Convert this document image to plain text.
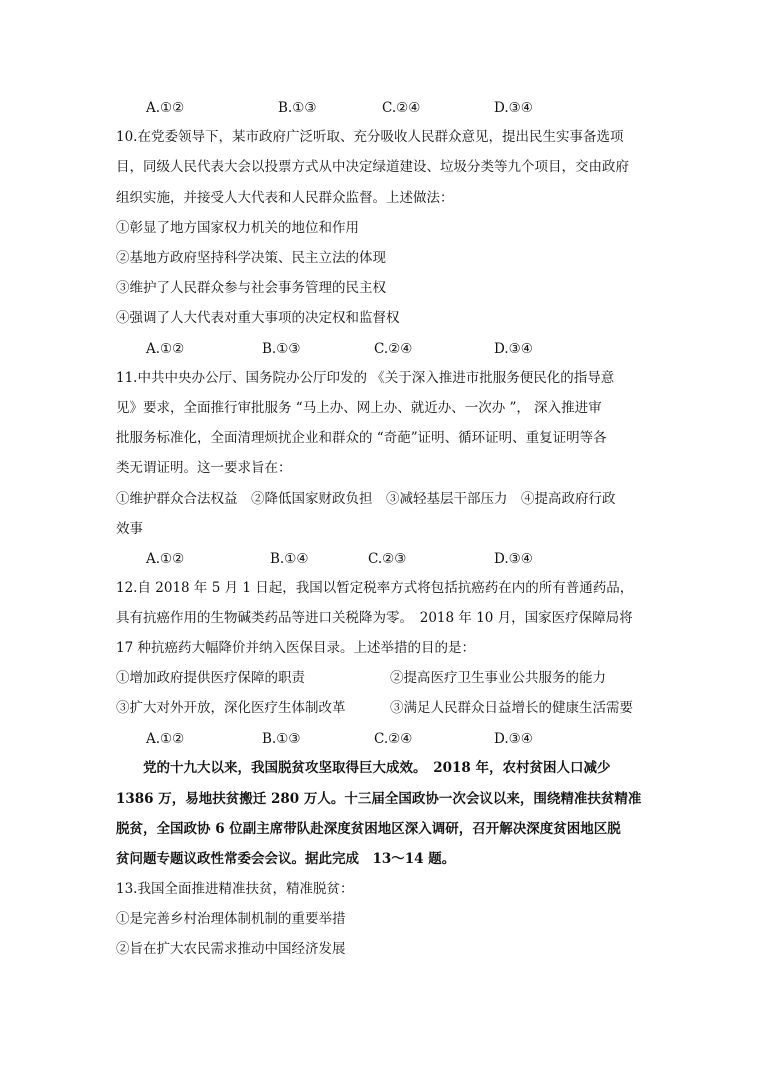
A.①②	B.①③	C.②④	D.③④
10.在党委领导下，某市政府广泛听取、充分吸收人民群众意见，提出民生实事备选项
目，同级人民代表大会以投票方式从中决定绿道建设、垃圾分类等九个项目，交由政府
组织实施，并接受人大代表和人民群众监督。上述做法：
①彰显了地方国家权力机关的地位和作用
②基地方政府坚持科学决策、民主立法的体现
③维护了人民群众参与社会事务管理的民主权
④强调了人大代表对重大事项的决定权和监督权
A.①②	B.①③	C.②④	D.③④
11.中共中央办公厅、国务院办公厅印发的 《关于深入推进市批服务便民化的指导意
见》要求，全面推行审批服务 “马上办、网上办、就近办、一次办 ”， 深入推进审
批服务标准化，全面清理烦扰企业和群众的 “奇葩”证明、循环证明、重复证明等各
类无谓证明。这一要求旨在：
①维护群众合法权益　②降低国家财政负担　③减轻基层干部压力　④提高政府行政
效事
A.①②	B.①④	C.②③	D.③④
12.自 2018 年 5 月 1 日起，我国以暂定税率方式将包括抗癌药在内的所有普通药品，
具有抗癌作用的生物碱类药品等进口关税降为零。　2018 年 10 月，国家医疗保障局将
17 种抗癌药大幅降价并纳入医保目录。上述举措的目的是：
①增加政府提供医疗保障的职责	②提高医疗卫生事业公共服务的能力
③扩大对外开放，深化医疗生体制改革	③满足人民群众日益增长的健康生活需要
A.①②	B.①③	C.②④	D.③④
　　党的十九大以来，我国脱贫攻坚取得巨大成效。　2018 年，农村贫困人口减少
1386 万，易地扶贫搬迁 280 万人。十三届全国政协一次会议以来，围绕精准扶贫精准
脱贫，全国政协 6 位副主席带队赴深度贫困地区深入调研，召开解决深度贫困地区脱
贫问题专题议政性常委会会议。据此完成　13～14 题。
13.我国全面推进精准扶贫，精准脱贫：
①是完善乡村治理体制机制的重要举措
②旨在扩大农民需求推动中国经济发展
